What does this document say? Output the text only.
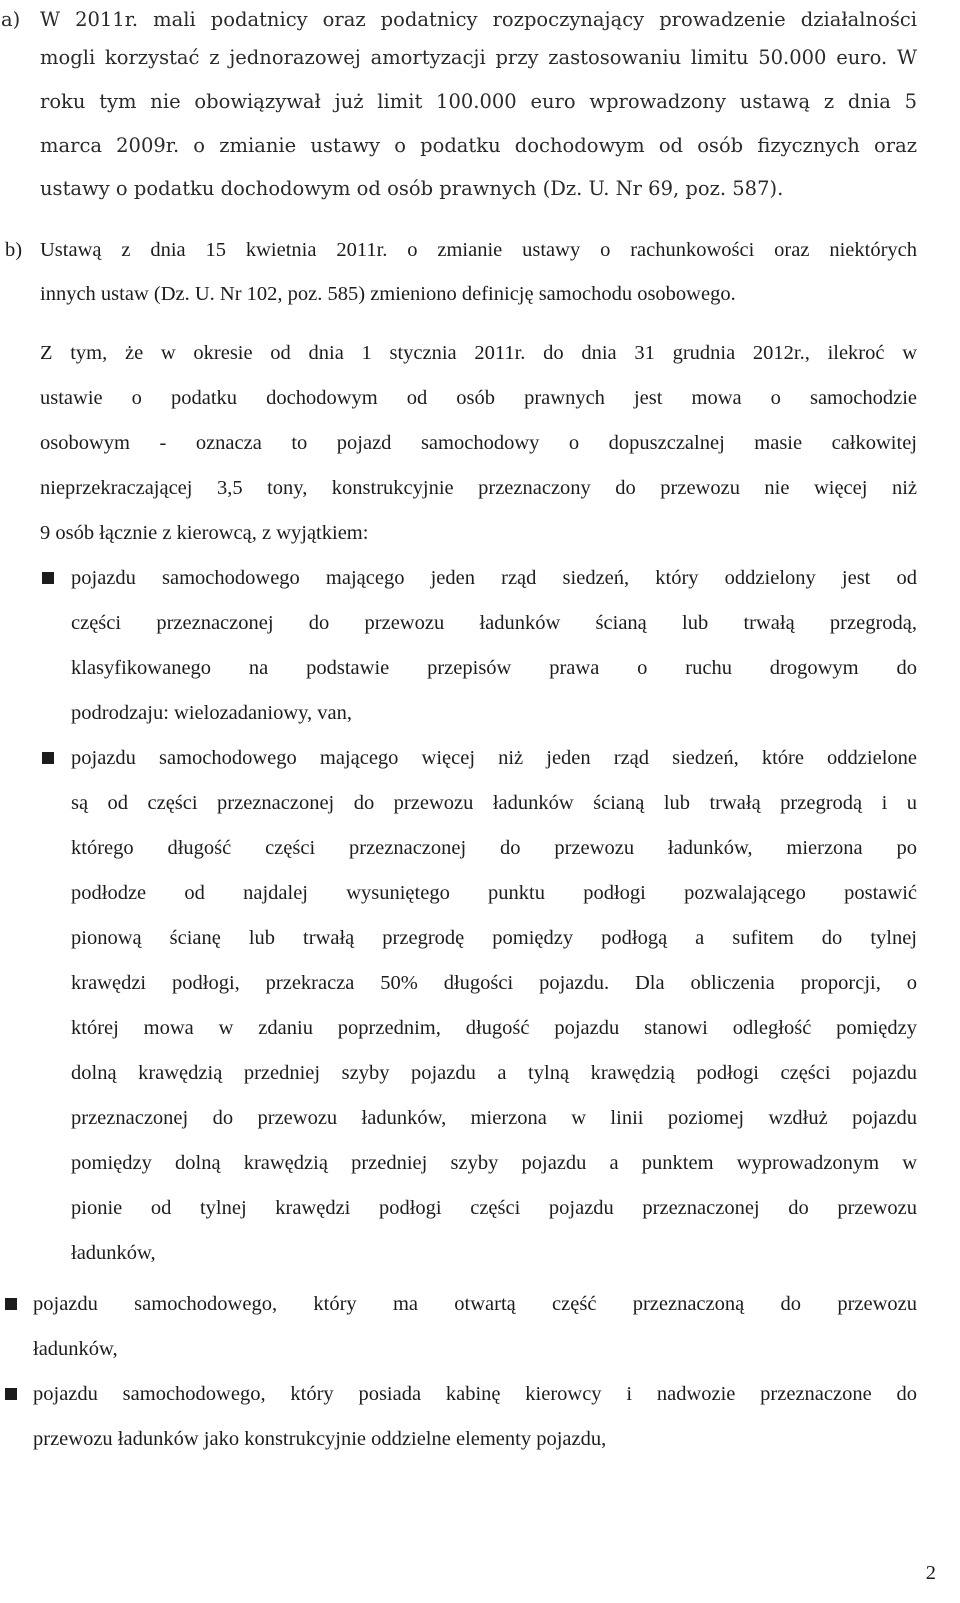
a) W 2011r. mali podatnicy oraz podatnicy rozpoczynający prowadzenie działalności
mogli korzystać z jednorazowej amortyzacji przy zastosowaniu limitu 50.000 euro. W
roku tym nie obowiązywał już limit 100.000 euro wprowadzony ustawą z dnia 5
marca 2009r. o zmianie ustawy o podatku dochodowym od osób fizycznych oraz
ustawy o podatku dochodowym od osób prawnych (Dz. U. Nr 69, poz. 587).
b) Ustawą z dnia 15 kwietnia 2011r. o zmianie ustawy o rachunkowości oraz niektórych
innych ustaw (Dz. U. Nr 102, poz. 585) zmieniono definicję samochodu osobowego.
Z tym, że w okresie od dnia 1 stycznia 2011r. do dnia 31 grudnia 2012r., ilekroć w
ustawie o podatku dochodowym od osób prawnych jest mowa o samochodzie
osobowym - oznacza to pojazd samochodowy o dopuszczalnej masie całkowitej
nieprzekraczającej 3,5 tony, konstrukcyjnie przeznaczony do przewozu nie więcej niż
9 osób łącznie z kierowcą, z wyjątkiem:
pojazdu samochodowego mającego jeden rząd siedzeń, który oddzielony jest od
części przeznaczonej do przewozu ładunków ścianą lub trwałą przegrodą,
klasyfikowanego na podstawie przepisów prawa o ruchu drogowym do
podrodzaju: wielozadaniowy, van,
pojazdu samochodowego mającego więcej niż jeden rząd siedzeń, które oddzielone
są od części przeznaczonej do przewozu ładunków ścianą lub trwałą przegrodą i u
którego długość części przeznaczonej do przewozu ładunków, mierzona po
podłodze od najdalej wysuniętego punktu podłogi pozwalającego postawić
pionową ścianę lub trwałą przegrodę pomiędzy podłogą a sufitem do tylnej
krawędzi podłogi, przekracza 50% długości pojazdu. Dla obliczenia proporcji, o
której mowa w zdaniu poprzednim, długość pojazdu stanowi odległość pomiędzy
dolną krawędzią przedniej szyby pojazdu a tylną krawędzią podłogi części pojazdu
przeznaczonej do przewozu ładunków, mierzona w linii poziomej wzdłuż pojazdu
pomiędzy dolną krawędzią przedniej szyby pojazdu a punktem wyprowadzonym w
pionie od tylnej krawędzi podłogi części pojazdu przeznaczonej do przewozu
ładunków,
pojazdu samochodowego, który ma otwartą część przeznaczoną do przewozu
ładunków,
pojazdu samochodowego, który posiada kabinę kierowcy i nadwozie przeznaczone do
przewozu ładunków jako konstrukcyjnie oddzielne elementy pojazdu,
2
